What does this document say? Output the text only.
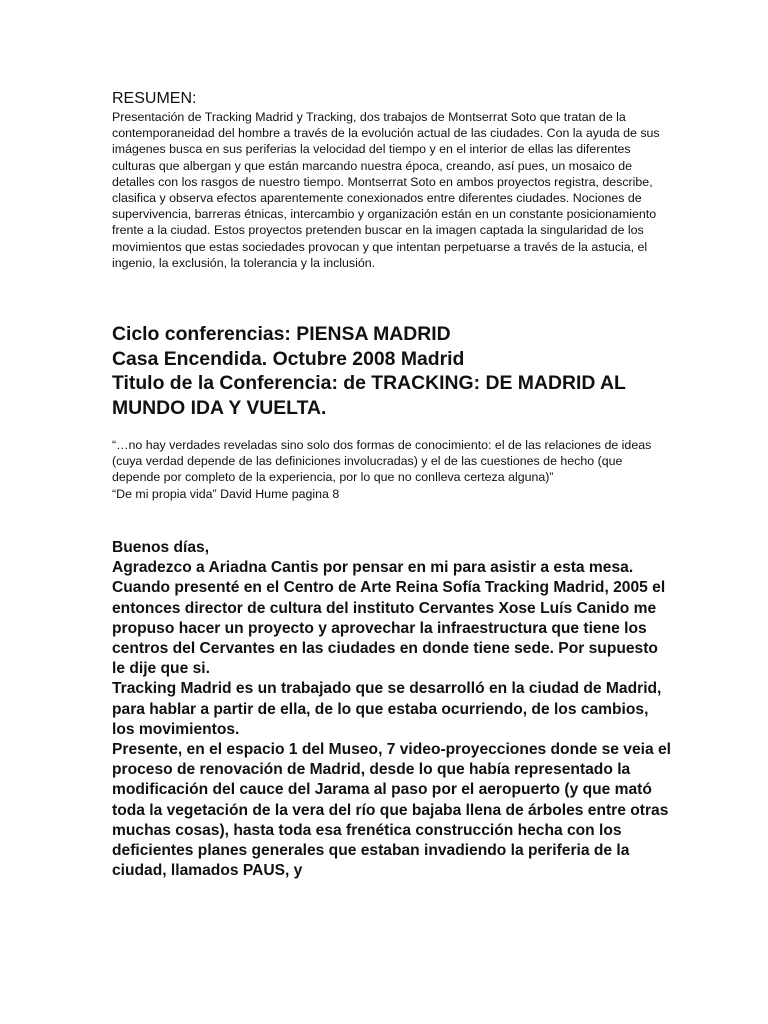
RESUMEN:

Presentación de Tracking Madrid y Tracking, dos trabajos de Montserrat Soto que tratan de la contemporaneidad del hombre a través de la evolución actual de las ciudades. Con la ayuda de sus imágenes busca en sus periferias la velocidad del tiempo y en el interior de ellas las diferentes culturas que albergan y que están marcando nuestra época, creando, así pues, un mosaico de detalles con los rasgos de nuestro tiempo. Montserrat Soto en ambos proyectos registra, describe, clasifica y observa efectos aparentemente conexionados entre diferentes ciudades. Nociones de supervivencia, barreras étnicas, intercambio y organización están en un constante posicionamiento frente a la ciudad. Estos proyectos pretenden buscar en la imagen captada la singularidad de los movimientos que estas sociedades provocan y que intentan perpetuarse a través de la astucia, el ingenio, la exclusión, la tolerancia y la inclusión.

Ciclo conferencias: PIENSA MADRID

Casa Encendida. Octubre 2008 Madrid

Titulo de la Conferencia: de TRACKING: DE MADRID AL MUNDO IDA Y VUELTA.

“…no hay verdades reveladas sino solo dos formas de conocimiento: el de las relaciones de ideas (cuya verdad depende de las definiciones involucradas) y el de las cuestiones de hecho (que depende por completo de la experiencia, por lo que no conlleva certeza alguna)”

“De mi propia vida” David Hume pagina 8

Buenos días,

Agradezco a Ariadna Cantis por pensar en mi para asistir a esta mesa.

Cuando presenté en el Centro de Arte Reina Sofía Tracking Madrid, 2005 el entonces director de cultura del instituto Cervantes Xose Luís Canido me propuso hacer un proyecto y aprovechar la infraestructura que tiene los centros del Cervantes en las ciudades en donde tiene sede. Por supuesto le dije que si.

Tracking Madrid es un trabajado que se desarrolló en la ciudad de Madrid, para hablar a partir de ella, de lo que estaba ocurriendo, de los cambios, los movimientos.

Presente, en el espacio 1 del Museo, 7 video-proyecciones donde se veia el proceso de renovación de Madrid, desde lo que había representado la modificación del cauce del Jarama al paso por el aeropuerto (y que mató toda la vegetación de la vera del río que bajaba llena de árboles entre otras muchas cosas), hasta toda esa frenética construcción hecha con los deficientes planes generales que estaban invadiendo la periferia de la ciudad, llamados PAUS, y
